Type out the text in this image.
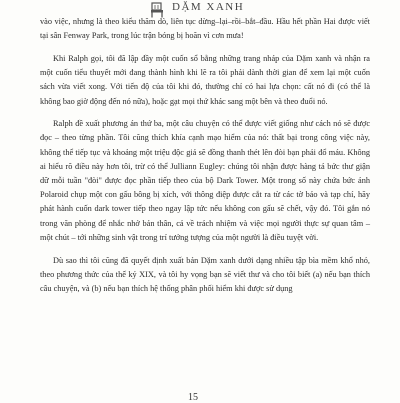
DẶM XANH

vào việc, nhưng là theo kiểu thăm dò, liên tục dừng–lại–rồi–bắt–đầu. Hầu hết phần Hai được viết tại sân Fenway Park, trong lúc trận bóng bị hoãn vì cơn mưa!

Khi Ralph gọi, tôi đã lập đầy một cuốn sổ bằng những trang nháp của Dặm xanh và nhận ra một cuốn tiểu thuyết mới đang thành hình khi lẽ ra tôi phải dành thời gian để xem lại một cuốn sách vừa viết xong. Với tiến độ của tôi khi đó, thường chỉ có hai lựa chọn: cất nó đi (có thể là không bao giờ động đến nó nữa), hoặc gạt mọi thứ khác sang một bên và theo đuổi nó.

Ralph đề xuất phương án thứ ba, một câu chuyện có thể được viết giống như cách nó sẽ được đọc – theo từng phần. Tôi cũng thích khía cạnh mạo hiểm của nó: thất bại trong công việc này, không thể tiếp tục và khoảng một triệu độc giả sẽ đồng thanh thét lên đòi bạn phải đổ máu. Không ai hiểu rõ điều này hơn tôi, trừ có thể Julliann Eugley: chúng tôi nhận được hàng tá bức thư giận dữ mỗi tuần "đòi" được đọc phần tiếp theo của bộ Dark Tower. Một trong số này chứa bức ảnh Polaroid chụp một con gấu bông bị xích, với thông điệp được cắt ra từ các tờ báo và tạp chí, hãy phát hành cuốn dark tower tiếp theo ngay lập tức nếu không con gấu sẽ chết, vậy đó. Tôi gắn nó trong văn phòng để nhắc nhở bản thân, cả về trách nhiệm và việc mọi người thực sự quan tâm – một chút – tới những sinh vật trong trí tưởng tượng của một người là điều tuyệt vời.

Dù sao thì tôi cũng đã quyết định xuất bản Dặm xanh dưới dạng nhiều tập bìa mềm khổ nhỏ, theo phương thức của thế kỷ XIX, và tôi hy vọng bạn sẽ viết thư và cho tôi biết (a) nếu bạn thích câu chuyện, và (b) nếu bạn thích hệ thống phân phối hiểm khi được sử dụng

15
